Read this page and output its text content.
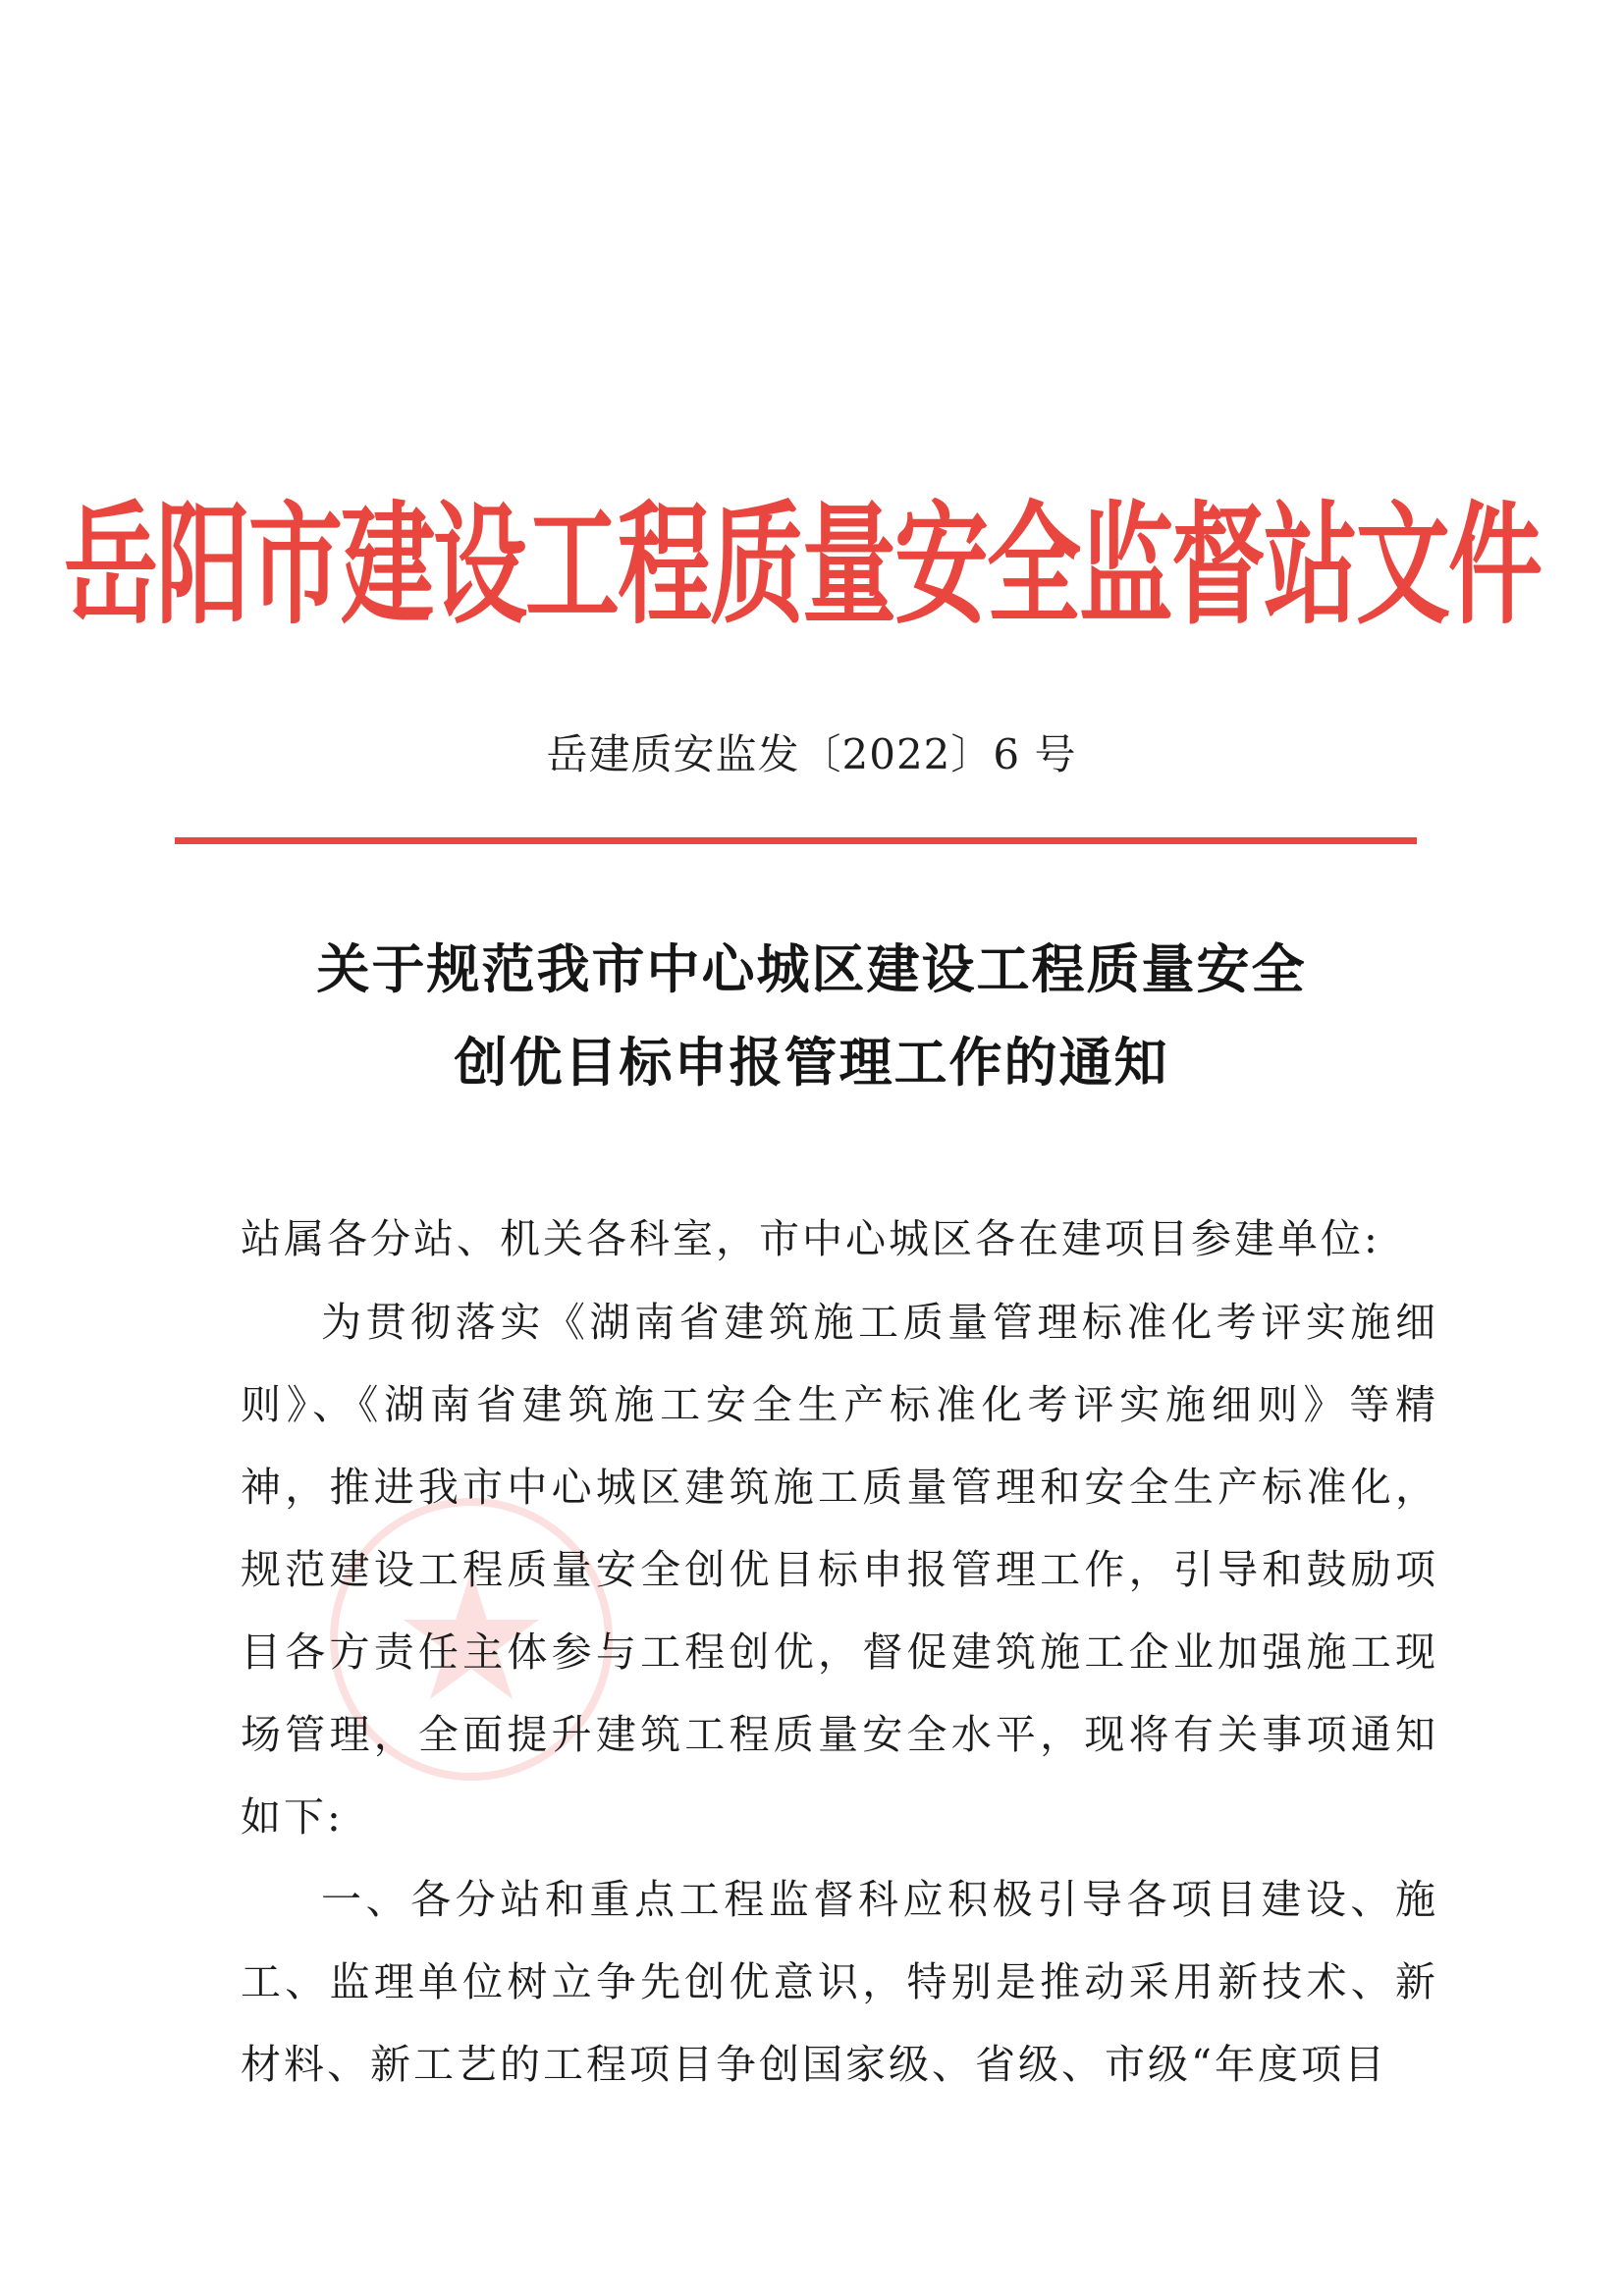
岳阳市建设工程质量安全监督站文件
岳建质安监发〔2022〕6 号
关于规范我市中心城区建设工程质量安全
创优目标申报管理工作的通知
站属各分站、机关各科室，市中心城区各在建项目参建单位:
为贯彻落实《湖南省建筑施工质量管理标准化考评实施细则》、《湖南省建筑施工安全生产标准化考评实施细则》等精神，推进我市中心城区建筑施工质量管理和安全生产标准化，规范建设工程质量安全创优目标申报管理工作，引导和鼓励项目各方责任主体参与工程创优，督促建筑施工企业加强施工现场管理，全面提升建筑工程质量安全水平，现将有关事项通知如下:
一、各分站和重点工程监督科应积极引导各项目建设、施工、监理单位树立争先创优意识，特别是推动采用新技术、新材料、新工艺的工程项目争创国家级、省级、市级“年度项目
